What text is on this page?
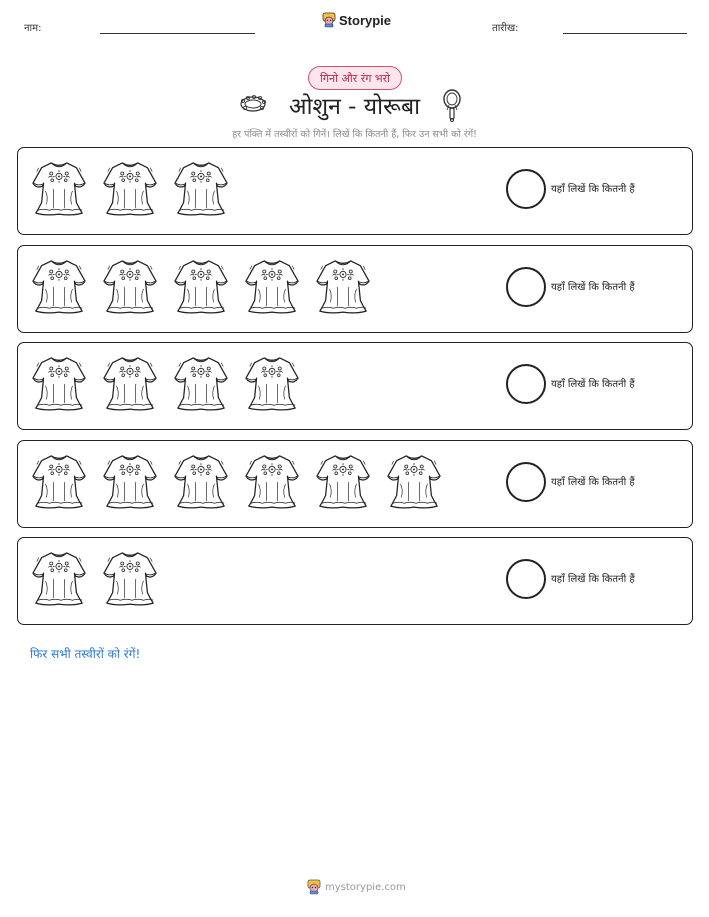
नाम:
Storypie
तारीख:
गिनो और रंग भरो
ओशुन - योरूबा
हर पंक्ति में तस्वीरों को गिनें। लिखें कि कितनी हैं, फिर उन सभी को रंगें!
यहाँ लिखें कि कितनी हैं
यहाँ लिखें कि कितनी हैं
यहाँ लिखें कि कितनी हैं
यहाँ लिखें कि कितनी हैं
यहाँ लिखें कि कितनी हैं
फिर सभी तस्वीरों को रंगें!
mystorypie.com
